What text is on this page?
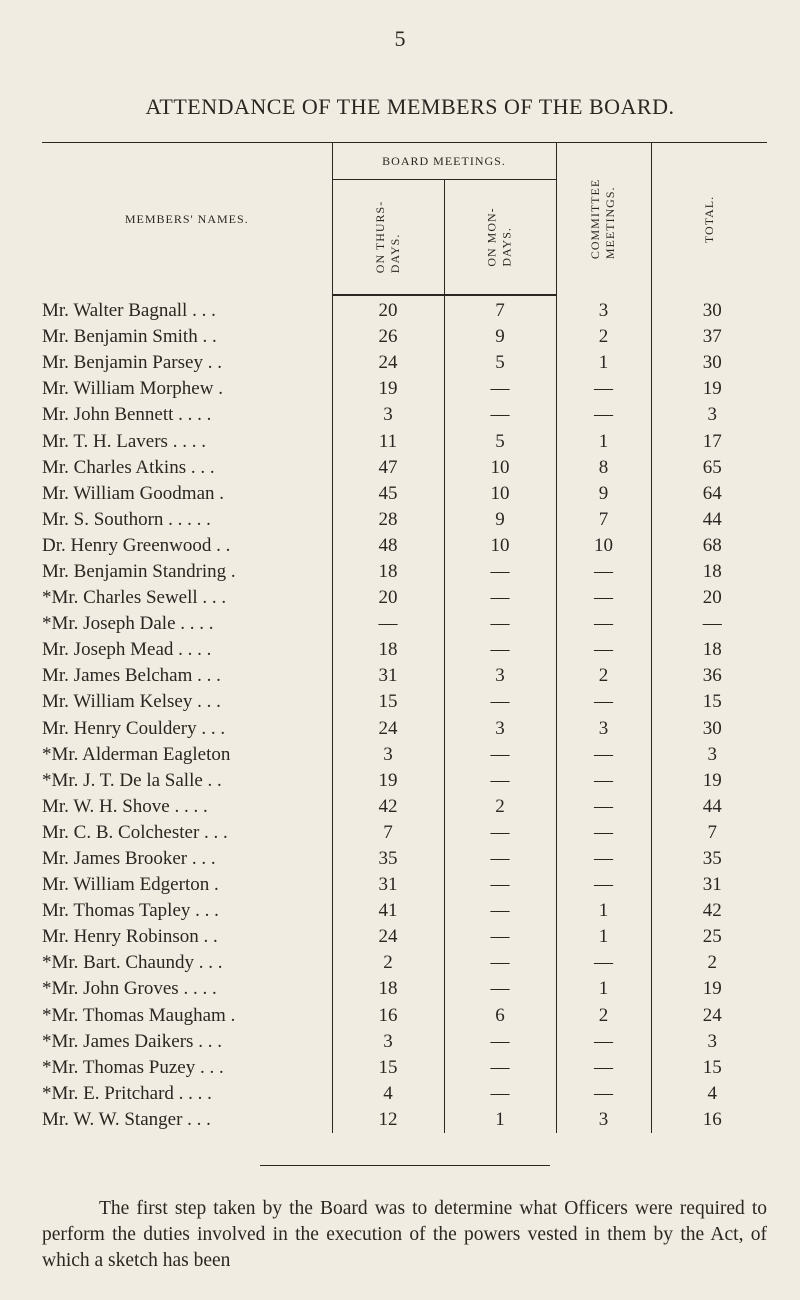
5
ATTENDANCE OF THE MEMBERS OF THE BOARD.
MEMBERS' NAMES.	BOARD MEETINGS.		COMMITTEE MEETINGS.	TOTAL.

	ON THURS- DAYS.	ON MON- DAYS.		

Mr. Walter Bagnall . . .	20	7	3	30
Mr. Benjamin Smith . .	26	9	2	37
Mr. Benjamin Parsey . .	24	5	1	30
Mr. William Morphew .	19	—	—	19
Mr. John Bennett . . . .	3	—	—	3
Mr. T. H. Lavers . . . .	11	5	1	17
Mr. Charles Atkins . . .	47	10	8	65
Mr. William Goodman .	45	10	9	64
Mr. S. Southorn . . . . .	28	9	7	44
Dr. Henry Greenwood . .	48	10	10	68
Mr. Benjamin Standring .	18	—	—	18
*Mr. Charles Sewell . . .	20	—	—	20
*Mr. Joseph Dale . . . .	—	—	—	—
Mr. Joseph Mead . . . .	18	—	—	18
Mr. James Belcham . . .	31	3	2	36
Mr. William Kelsey . . .	15	—	—	15
Mr. Henry Couldery . . .	24	3	3	30
*Mr. Alderman Eagleton	3	—	—	3
*Mr. J. T. De la Salle . .	19	—	—	19
Mr. W. H. Shove . . . .	42	2	—	44
Mr. C. B. Colchester . . .	7	—	—	7
Mr. James Brooker . . .	35	—	—	35
Mr. William Edgerton .	31	—	—	31
Mr. Thomas Tapley . . .	41	—	1	42
Mr. Henry Robinson . .	24	—	1	25
*Mr. Bart. Chaundy . . .	2	—	—	2
*Mr. John Groves . . . .	18	—	1	19
*Mr. Thomas Maugham .	16	6	2	24
*Mr. James Daikers . . .	3	—	—	3
*Mr. Thomas Puzey . . .	15	—	—	15
*Mr. E. Pritchard . . . .	4	—	—	4
Mr. W. W. Stanger . . .	12	1	3	16
The first step taken by the Board was to determine what Officers were required to perform the duties involved in the execution of the powers vested in them by the Act, of which a sketch has been
